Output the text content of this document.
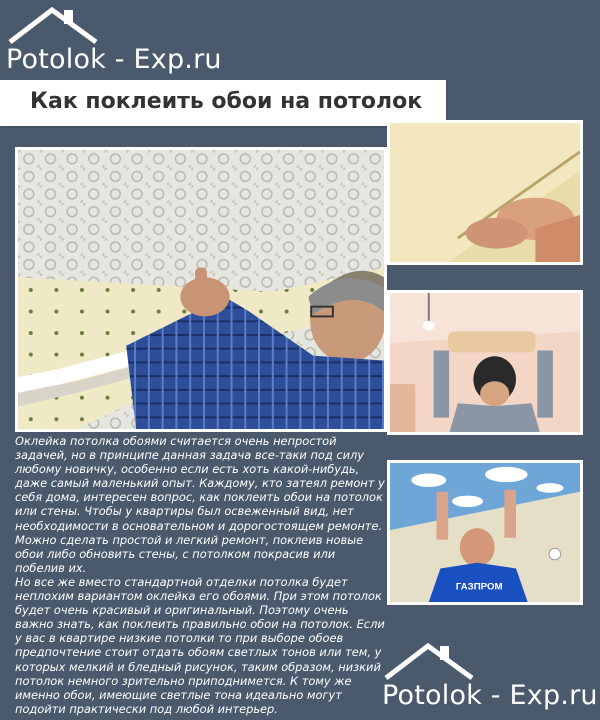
Potolok - Exp.ru
Как поклеить обои на потолок
ГАЗПРОМ

Оклейка потолка обоями считается очень непростой задачей, но в принципе данная задача все-таки под силу любому новичку, особенно если есть хоть какой-нибудь, даже самый маленький опыт. Каждому, кто затеял ремонт у себя дома, интересен вопрос, как поклеить обои на потолок или стены. Чтобы у квартиры был освеженный вид, нет необходимости в основательном и дорогостоящем ремонте. Можно сделать простой и легкий ремонт, поклеив новые обои либо обновить стены, с потолком покрасив или побелив их.

Но все же вместо стандартной отделки потолка будет неплохим вариантом оклейка его обоями. При этом потолок будет очень красивый и оригинальный. Поэтому очень важно знать, как поклеить правильно обои на потолок. Если у вас в квартире низкие потолки то при выборе обоев предпочтение стоит отдать обоям светлых тонов или тем, у которых мелкий и бледный рисунок, таким образом, низкий потолок немного зрительно приподнимется. К тому же именно обои, имеющие светлые тона идеально могут подойти практически под любой интерьер.	Potolok - Exp.ru
